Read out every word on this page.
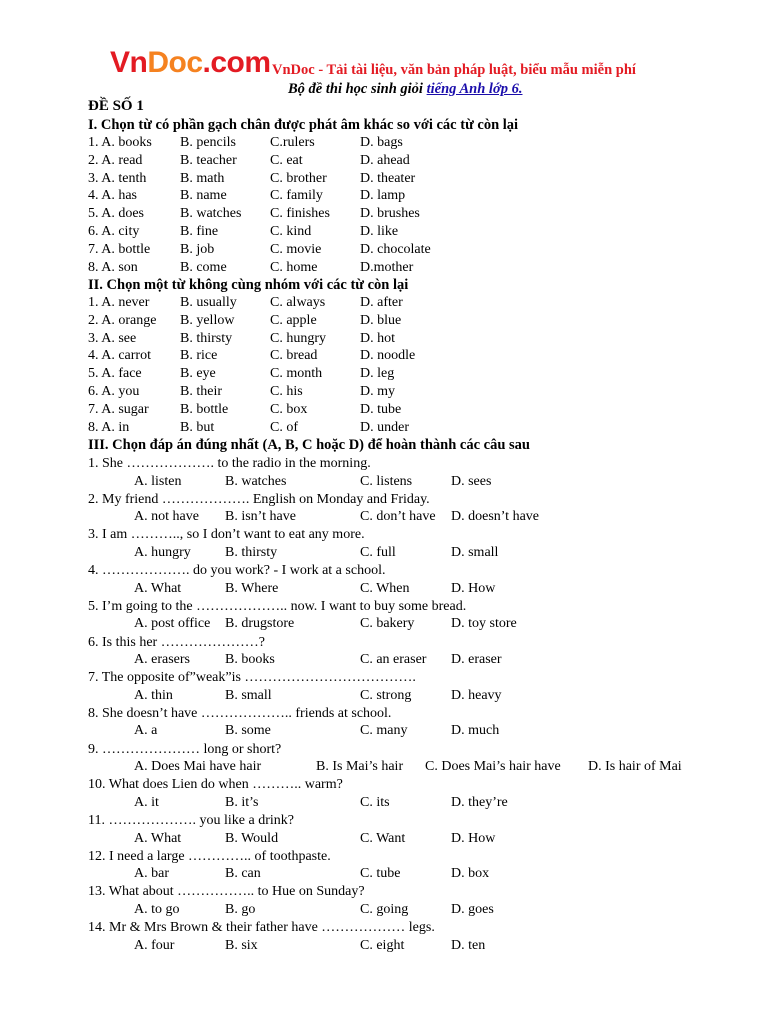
VnDoc.com VnDoc - Tải tài liệu, văn bản pháp luật, biểu mẫu miễn phí
Bộ đề thi học sinh giỏi tiếng Anh lớp 6.
ĐỀ SỐ 1
I. Chọn từ có phần gạch chân được phát âm khác so với các từ còn lại
1. A. books B. pencils C.rulers	D. bags
2. A. read	B. teacher C. eat	D. ahead
3. A. tenth B. math	C. brother D. theater
4. A. has	B. name	C. family	D. lamp
5. A. does	B. watches C. finishes D. brushes
6. A. city	B. fine	C. kind	D. like
7. A. bottle B. job	C. movie	D. chocolate
8. A. son	B. come	C. home	D.mother
II. Chọn một từ không cùng nhóm với các từ còn lại
1. A. never B. usually C. always D. after
2. A. orange B. yellow	C. apple	D. blue
3. A. see	B. thirsty	C. hungry D. hot
4. A. carrot B. rice	C. bread	D. noodle
5. A. face	B. eye	C. month	D. leg
6. A. you	B. their	C. his	D. my
7. A. sugar B. bottle	C. box	D. tube
8. A. in	B. but	C. of	D. under
III. Chọn đáp án đúng nhất (A, B, C hoặc D) để hoàn thành các câu sau
1. She ………………. to the radio in the morning.
A. listen	B. watches	C. listens	D. sees
2. My friend ………………. English on Monday and Friday.
A. not have B. isn’t have	C. don’t have D. doesn’t have
3. I am ……….., so I don’t want to eat any more.
A. hungry B. thirsty	C. full	D. small
4. ………………. do you work? - I work at a school.
A. What	B. Where	C. When	D. How
5. I’m going to the ……………….. now. I want to buy some bread.
A. post office B. drugstore	C. bakery	D. toy store
6. Is this her …………………?
A. erasers	B. books	C. an eraser D. eraser
7. The opposite of”weak”is ……………………………….
A. thin	B. small	C. strong	D. heavy
8. She doesn’t have ……………….. friends at school.
A. a	B. some	C. many	D. much
9. ………………… long or short?
A. Does Mai have hair	B. Is Mai’s hair C. Does Mai’s hair have D. Is hair of Mai
10. What does Lien do when ……….. warm?
A. it	B. it’s	C. its	D. they’re
11. ………………. you like a drink?
A. What	B. Would	C. Want	D. How
12. I need a large ………….. of toothpaste.
A. bar	B. can	C. tube	D. box
13. What about …………….. to Hue on Sunday?
A. to go	B. go	C. going	D. goes
14. Mr & Mrs Brown & their father have ……………… legs.
A. four	B. six	C. eight	D. ten
